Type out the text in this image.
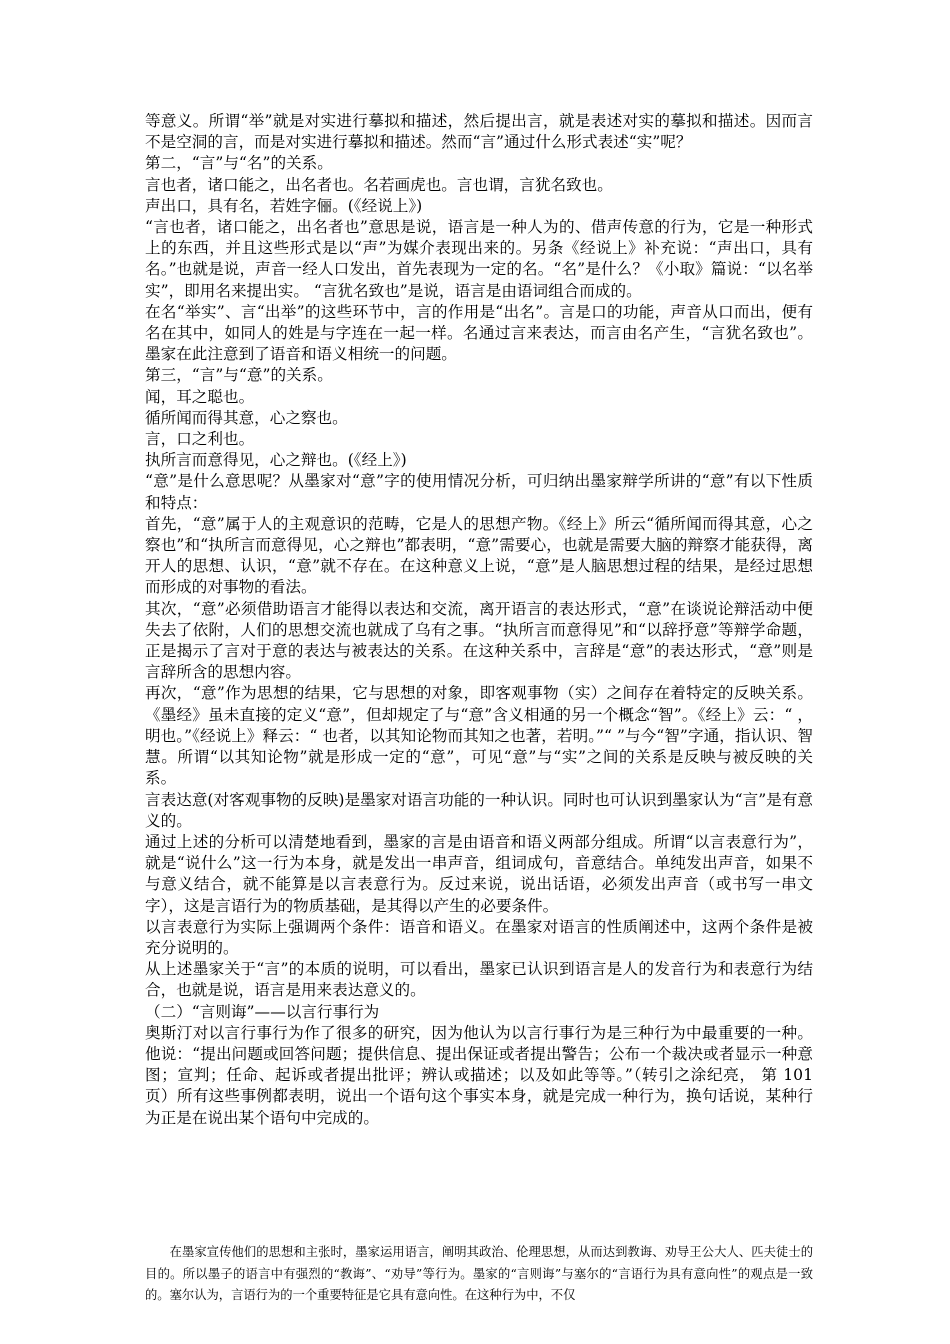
等意义。所谓“举”就是对实进行摹拟和描述，然后提出言，就是表述对实的摹拟和描述。因而言不是空洞的言，而是对实进行摹拟和描述。然而“言”通过什么形式表述“实”呢？

第二，“言”与“名”的关系。

言也者，诸口能之，出名者也。名若画虎也。言也谓，言犹名致也。

声出口，具有名，若姓字俪。(《经说上》)

“言也者，诸口能之，出名者也”意思是说，语言是一种人为的、借声传意的行为，它是一种形式上的东西，并且这些形式是以“声”为媒介表现出来的。另条《经说上》补充说：“声出口，具有名。”也就是说，声音一经人口发出，首先表现为一定的名。“名”是什么？《小取》篇说：“以名举实”，即用名来提出实。 “言犹名致也”是说，语言是由语词组合而成的。

在名“举实”、言“出举”的这些环节中，言的作用是“出名”。言是口的功能，声音从口而出，便有名在其中，如同人的姓是与字连在一起一样。名通过言来表达，而言由名产生，“言犹名致也”。墨家在此注意到了语音和语义相统一的问题。

第三，“言”与“意”的关系。

闻，耳之聪也。

循所闻而得其意，心之察也。

言，口之利也。

执所言而意得见，心之辩也。(《经上》)

“意”是什么意思呢？从墨家对“意”字的使用情况分析，可归纳出墨家辩学所讲的“意”有以下性质和特点：

首先，“意”属于人的主观意识的范畴，它是人的思想产物。《经上》所云“循所闻而得其意，心之察也”和“执所言而意得见，心之辩也”都表明，“意”需要心，也就是需要大脑的辩察才能获得，离开人的思想、认识，“意”就不存在。在这种意义上说，“意”是人脑思想过程的结果，是经过思想而形成的对事物的看法。

其次，“意”必须借助语言才能得以表达和交流，离开语言的表达形式，“意”在谈说论辩活动中便失去了依附，人们的思想交流也就成了乌有之事。“执所言而意得见”和“以辞抒意”等辩学命题，正是揭示了言对于意的表达与被表达的关系。在这种关系中，言辞是“意”的表达形式，“意”则是言辞所含的思想内容。

再次，“意”作为思想的结果，它与思想的对象，即客观事物（实）之间存在着特定的反映关系。《墨经》虽未直接的定义“意”，但却规定了与“意”含义相通的另一个概念“智”。《经上》云：“ ，明也。”《经说上》释云：“ 也者，以其知论物而其知之也著，若明。”“ ”与今“智”字通，指认识、智慧。所谓“以其知论物”就是形成一定的“意”，可见“意”与“实”之间的关系是反映与被反映的关系。

言表达意(对客观事物的反映)是墨家对语言功能的一种认识。同时也可认识到墨家认为“言”是有意义的。

通过上述的分析可以清楚地看到，墨家的言是由语音和语义两部分组成。所谓“以言表意行为”，就是“说什么”这一行为本身，就是发出一串声音，组词成句，音意结合。单纯发出声音，如果不与意义结合，就不能算是以言表意行为。反过来说，说出话语，必须发出声音（或书写一串文字），这是言语行为的物质基础，是其得以产生的必要条件。

以言表意行为实际上强调两个条件：语音和语义。在墨家对语言的性质阐述中，这两个条件是被充分说明的。

从上述墨家关于“言”的本质的说明，可以看出，墨家已认识到语言是人的发音行为和表意行为结合，也就是说，语言是用来表达意义的。

（二）“言则诲”——以言行事行为

奥斯汀对以言行事行为作了很多的研究，因为他认为以言行事行为是三种行为中最重要的一种。他说：“提出问题或回答问题；提供信息、提出保证或者提出警告；公布一个裁决或者显示一种意图；宣判；任命、起诉或者提出批评；辨认或描述；以及如此等等。”（转引之涂纪亮， 第 101 页）所有这些事例都表明，说出一个语句这个事实本身，就是完成一种行为，换句话说，某种行为正是在说出某个语句中完成的。

在墨家宣传他们的思想和主张时，墨家运用语言，阐明其政治、伦理思想，从而达到教诲、劝导王公大人、匹夫徒士的目的。所以墨子的语言中有强烈的“教诲”、“劝导”等行为。墨家的“言则诲”与塞尔的“言语行为具有意向性”的观点是一致的。塞尔认为，言语行为的一个重要特征是它具有意向性。在这种行为中，不仅
